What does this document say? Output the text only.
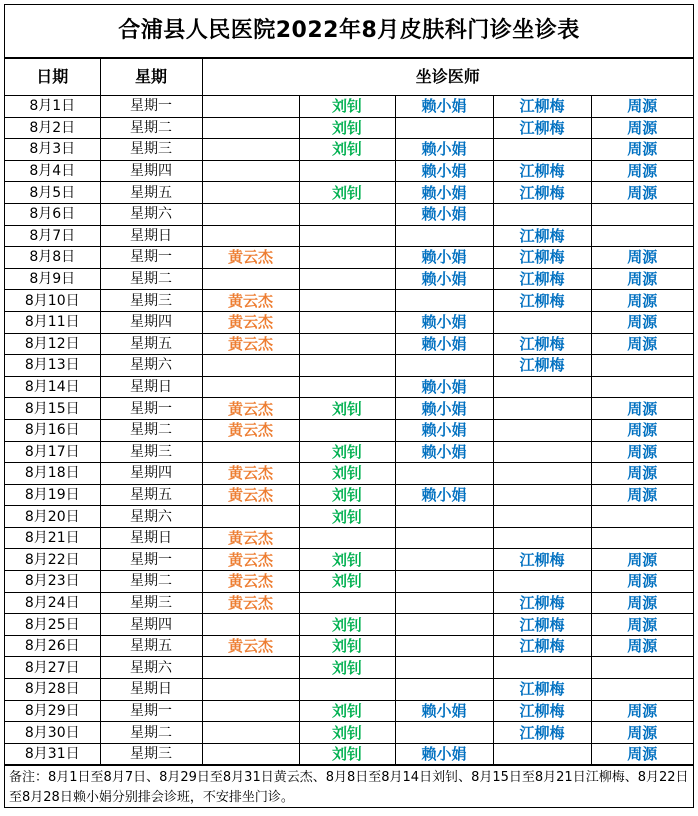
合浦县人民医院2022年8月皮肤科门诊坐诊表
日期	星期	坐诊医师				
8月1日	星期一		刘钊	赖小娟	江柳梅	周源
8月2日	星期二		刘钊		江柳梅	周源
8月3日	星期三		刘钊	赖小娟		周源
8月4日	星期四			赖小娟	江柳梅	周源
8月5日	星期五		刘钊	赖小娟	江柳梅	周源
8月6日	星期六			赖小娟		
8月7日	星期日				江柳梅	
8月8日	星期一	黄云杰		赖小娟	江柳梅	周源
8月9日	星期二			赖小娟	江柳梅	周源
8月10日	星期三	黄云杰			江柳梅	周源
8月11日	星期四	黄云杰		赖小娟		周源
8月12日	星期五	黄云杰		赖小娟	江柳梅	周源
8月13日	星期六				江柳梅	
8月14日	星期日			赖小娟		
8月15日	星期一	黄云杰	刘钊	赖小娟		周源
8月16日	星期二	黄云杰		赖小娟		周源
8月17日	星期三		刘钊	赖小娟		周源
8月18日	星期四	黄云杰	刘钊			周源
8月19日	星期五	黄云杰	刘钊	赖小娟		周源
8月20日	星期六		刘钊			
8月21日	星期日	黄云杰				
8月22日	星期一	黄云杰	刘钊		江柳梅	周源
8月23日	星期二	黄云杰	刘钊			周源
8月24日	星期三	黄云杰			江柳梅	周源
8月25日	星期四		刘钊		江柳梅	周源
8月26日	星期五	黄云杰	刘钊		江柳梅	周源
8月27日	星期六		刘钊			
8月28日	星期日				江柳梅	
8月29日	星期一		刘钊	赖小娟	江柳梅	周源
8月30日	星期二		刘钊		江柳梅	周源
8月31日	星期三		刘钊	赖小娟		周源
备注：8月1日至8月7日、8月29日至8月31日黄云杰、8月8日至8月14日刘钊、8月15日至8月21日江柳梅、8月22日至8月28日赖小娟分别排会诊班，不安排坐门诊。
